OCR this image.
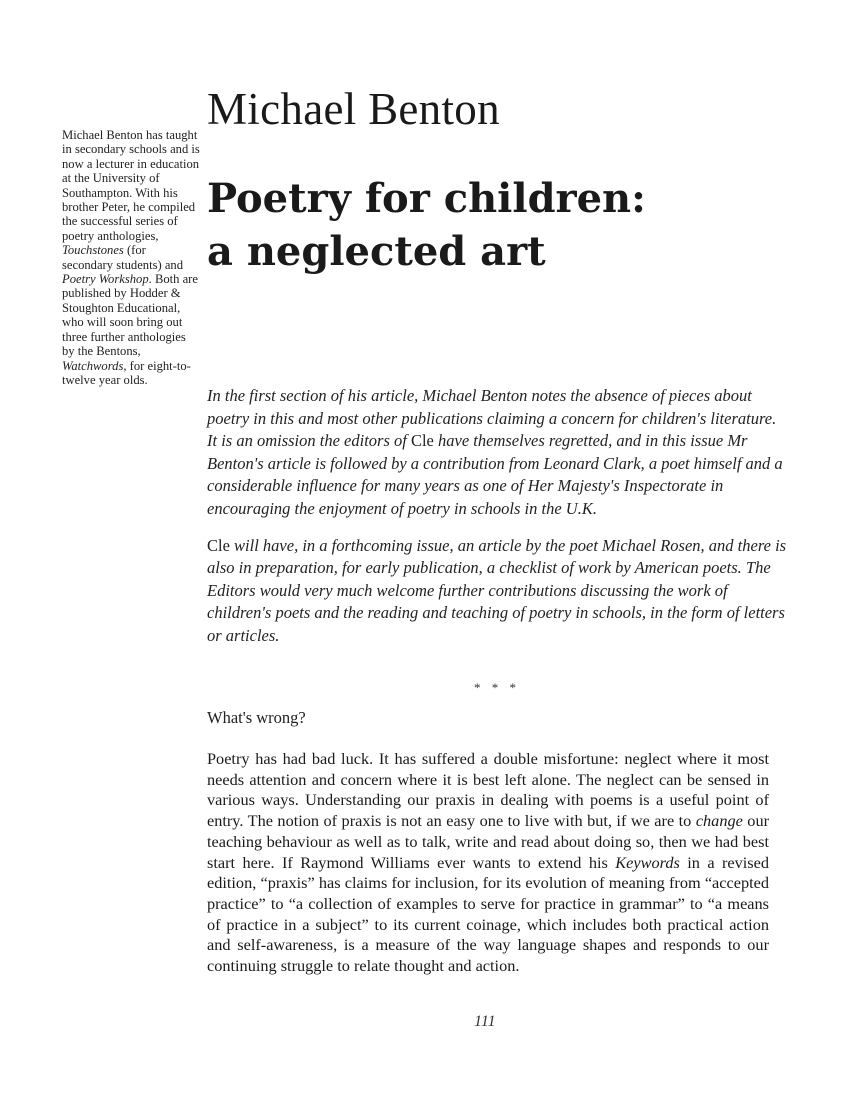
Michael Benton has taught in secondary schools and is now a lecturer in education at the University of Southampton. With his brother Peter, he compiled the successful series of poetry anthologies, Touchstones (for secondary students) and Poetry Workshop. Both are published by Hodder & Stoughton Educational, who will soon bring out three further anthologies by the Bentons, Watchwords, for eight-to-twelve year olds.

Michael Benton
Poetry for children:
a neglected art

In the first section of his article, Michael Benton notes the absence of pieces about poetry in this and most other publications claiming a concern for children's literature. It is an omission the editors of Cle have themselves regretted, and in this issue Mr Benton's article is followed by a contribution from Leonard Clark, a poet himself and a considerable influence for many years as one of Her Majesty's Inspectorate in encouraging the enjoyment of poetry in schools in the U.K.

Cle will have, in a forthcoming issue, an article by the poet Michael Rosen, and there is also in preparation, for early publication, a checklist of work by American poets. The Editors would very much welcome further contributions discussing the work of children's poets and the reading and teaching of poetry in schools, in the form of letters or articles.

* * *
What's wrong?

Poetry has had bad luck. It has suffered a double misfortune: neglect where it most needs attention and concern where it is best left alone. The neglect can be sensed in various ways. Understanding our praxis in dealing with poems is a useful point of entry. The notion of praxis is not an easy one to live with but, if we are to change our teaching behaviour as well as to talk, write and read about doing so, then we had best start here. If Raymond Williams ever wants to extend his Keywords in a revised edition, “praxis” has claims for inclusion, for its evolution of meaning from “accepted practice” to “a collection of examples to serve for practice in grammar” to “a means of practice in a subject” to its current coinage, which includes both practical action and self-awareness, is a measure of the way language shapes and responds to our continuing struggle to relate thought and action.

111
